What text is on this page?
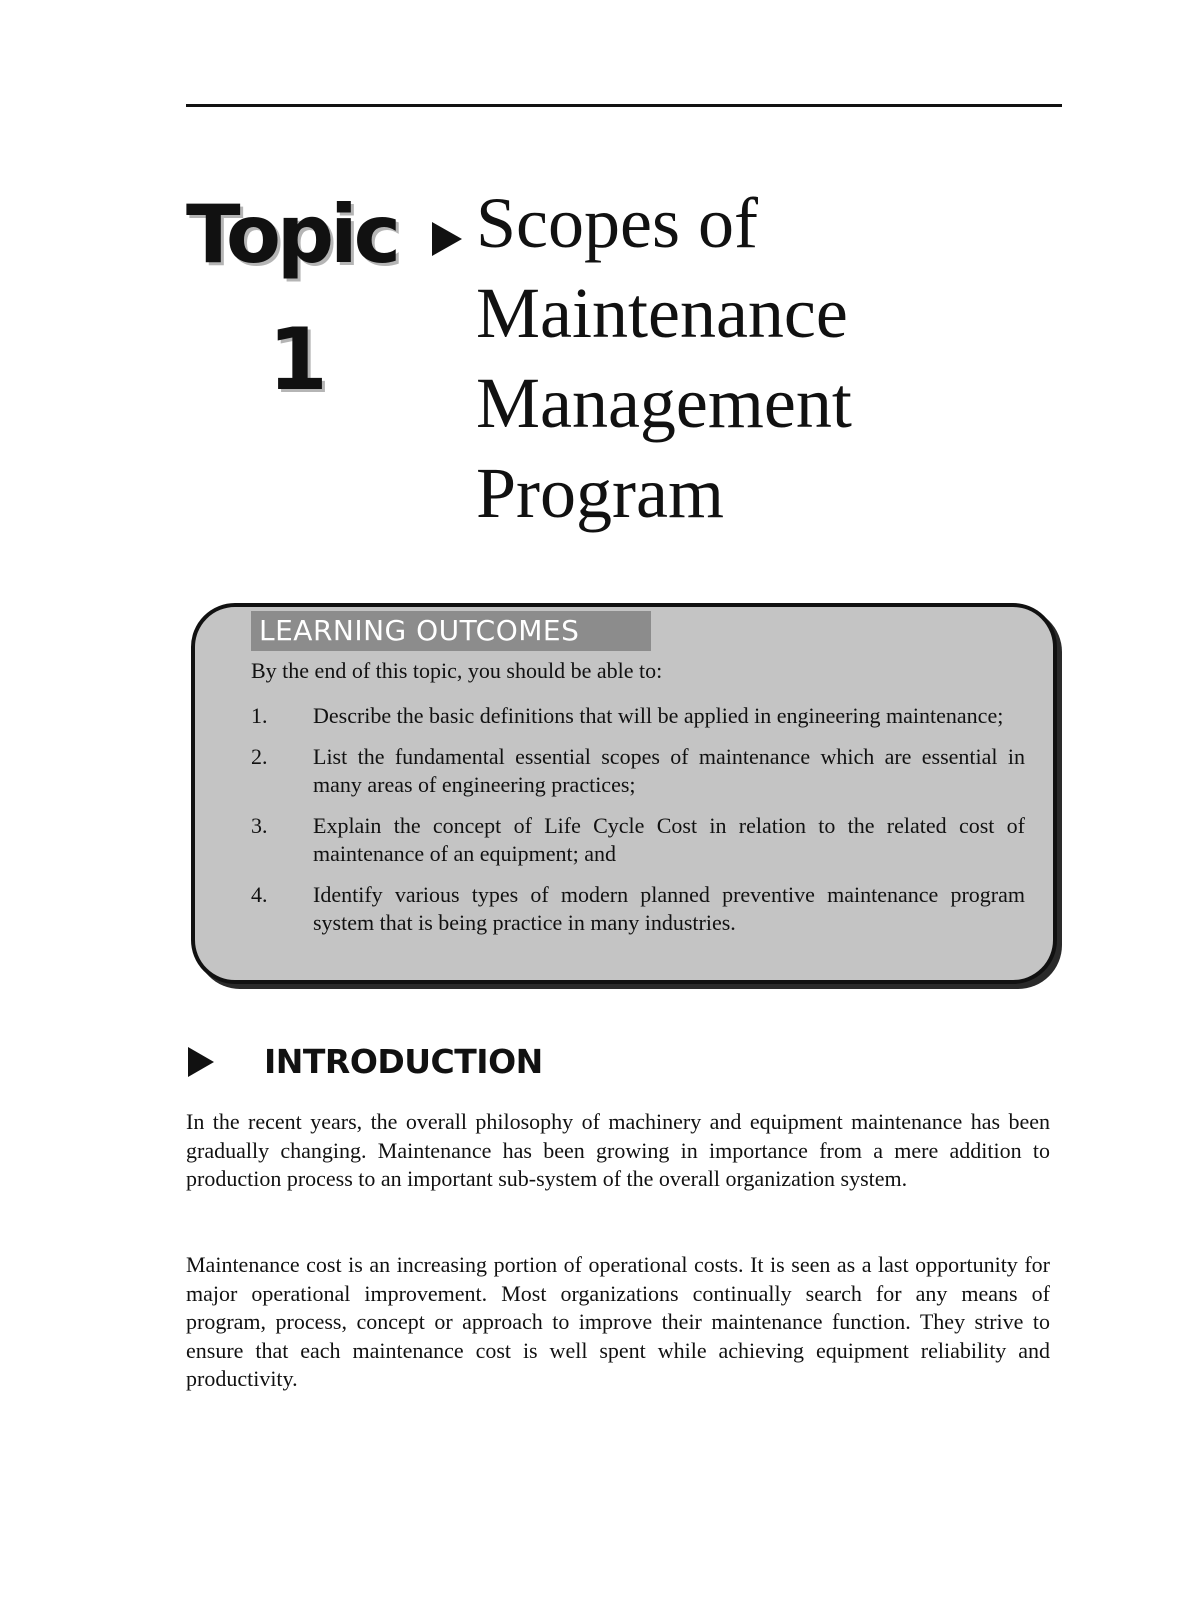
Topic
1
Scopes of
Maintenance
Management
Program
LEARNING OUTCOMES
By the end of this topic, you should be able to:
1. Describe the basic definitions that will be applied in engineering maintenance;
2. List the fundamental essential scopes of maintenance which are essential in many areas of engineering practices;
3. Explain the concept of Life Cycle Cost in relation to the related cost of maintenance of an equipment; and
4. Identify various types of modern planned preventive maintenance program system that is being practice in many industries.
INTRODUCTION

In the recent years, the overall philosophy of machinery and equipment maintenance has been gradually changing. Maintenance has been growing in importance from a mere addition to production process to an important sub-system of the overall organization system.

Maintenance cost is an increasing portion of operational costs. It is seen as a last opportunity for major operational improvement. Most organizations continually search for any means of program, process, concept or approach to improve their maintenance function. They strive to ensure that each maintenance cost is well spent while achieving equipment reliability and productivity.
